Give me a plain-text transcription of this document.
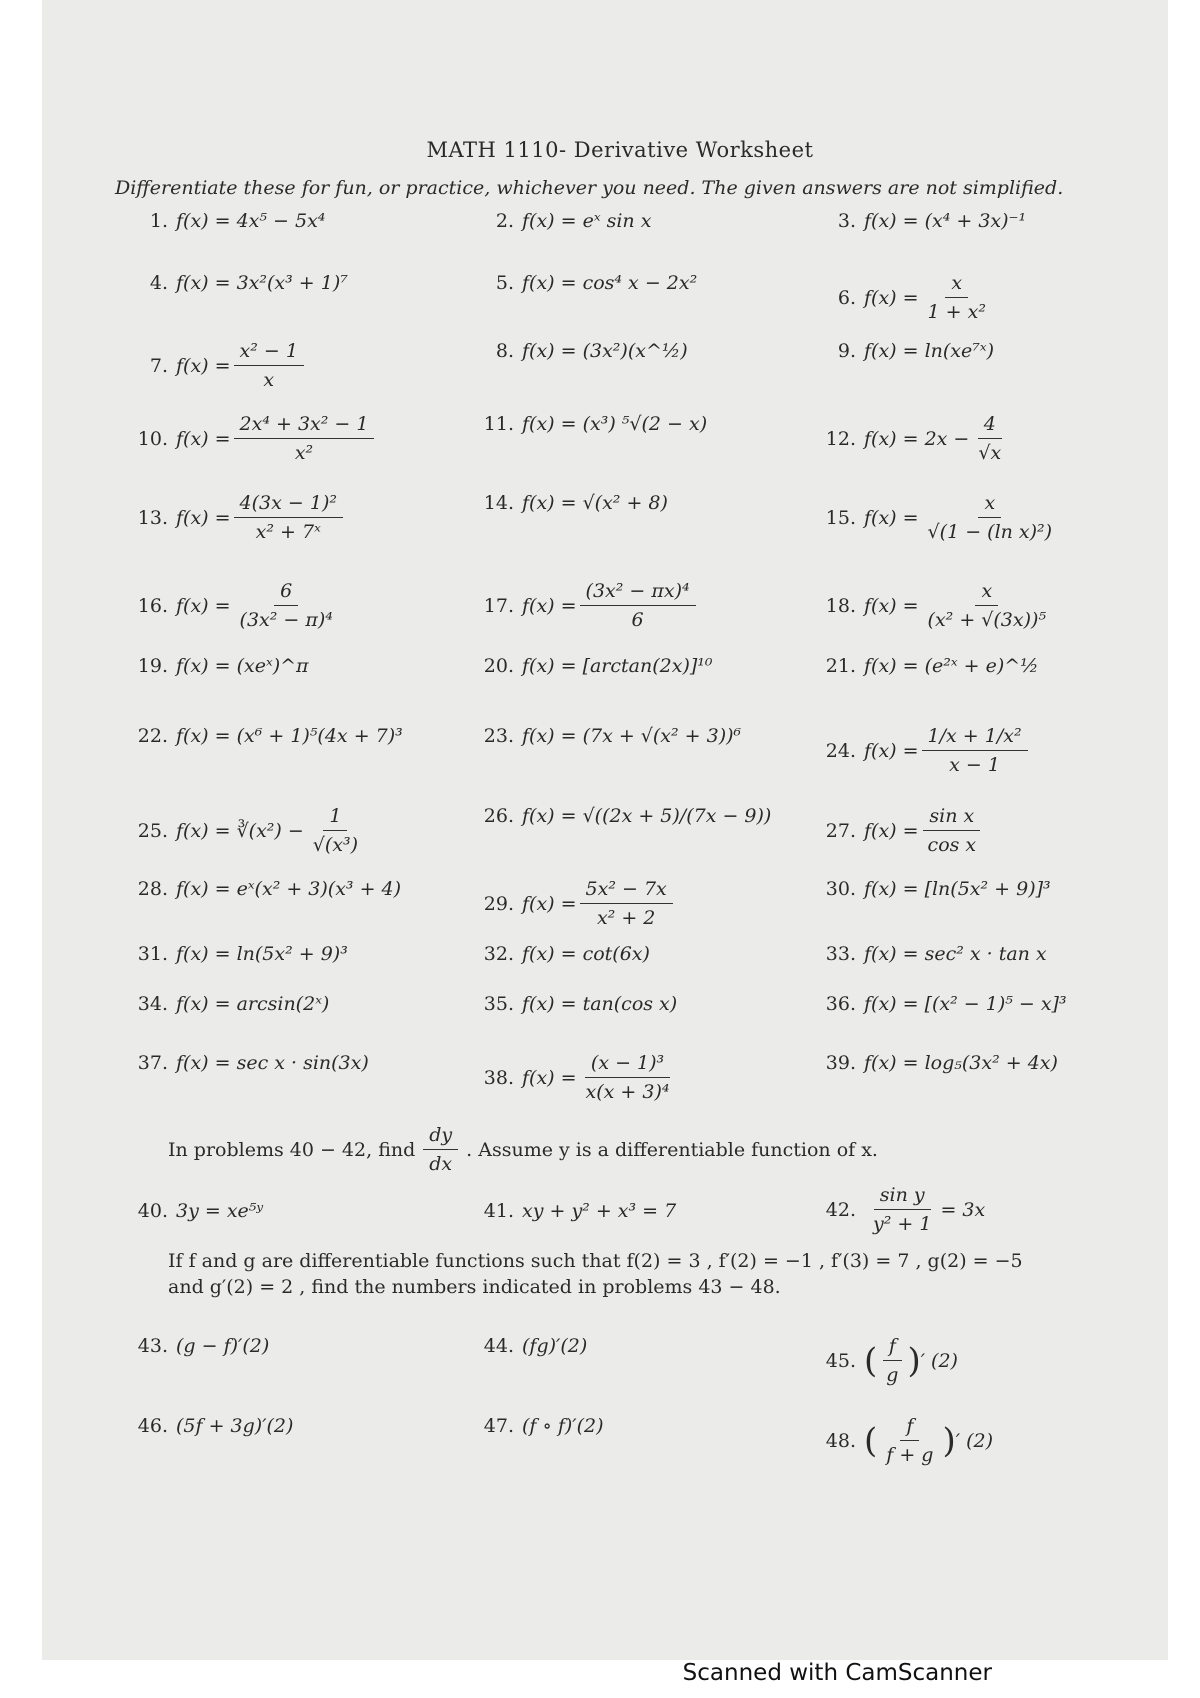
Scanned with CamScanner
MATH 1110- Derivative Worksheet
Differentiate these for fun, or practice, whichever you need. The given answers are not simplified.
1. f(x) = 4x⁵ − 5x⁴	2. f(x) = eˣ sin x	3. f(x) = (x⁴ + 3x)⁻¹
4. f(x) = 3x²(x³ + 1)⁷	5. f(x) = cos⁴ x − 2x²
6. $f(x) = \frac{x}{\text{1 + x²}}$
7. $f(x) = \frac{\text{x² − 1}}{x}$	8. f(x) = (3x²)(x^½)	9. f(x) = ln(xe⁷ˣ)
10. $f(x) = \frac{\text{2x⁴ + 3x² − 1}}{\text{x²}}$	11. f(x) = (x³) ⁵√(2 − x)
12. $f(x) = 2x - \frac{4}{√x}$
13. $f(x) = \frac{\text{4(3x − 1)²}}{\text{x² + 7ˣ}}$	14. f(x) = √(x² + 8)
15. $f(x) = \frac{x}{\text{√(1 − (ln x)²)}}$
16. $f(x) = \frac{6}{\text{(3x² − π)⁴}}$	17. $f(x) = \frac{\text{(3x² − πx)⁴}}{6}$	18. $f(x) = \frac{x}{\text{(x² + √(3x))⁵}}$
19. f(x) = (xeˣ)^π	20. f(x) = [arctan(2x)]¹⁰	21. f(x) = (e²ˣ + e)^½
22. f(x) = (x⁶ + 1)⁵(4x + 7)³	23. f(x) = (7x + √(x² + 3))⁶
24. $f(x) = \frac{\text{1/x + 1/x²}}{x - 1}$
25. f(x) = ∛(x²) − $\frac{1}{\text{√(x³)}}$	26. f(x) = √((2x + 5)/(7x − 9))
27. $f(x) = \frac{\text{sin x}}{\text{cos x}}$
28. f(x) = eˣ(x² + 3)(x³ + 4)
29. $f(x) = \frac{\text{5x² − 7x}}{\text{x² + 2}}$	30. f(x) = [ln(5x² + 9)]³
31. f(x) = ln(5x² + 9)³	32. f(x) = cot(6x)	33. f(x) = sec² x · tan x
34. f(x) = arcsin(2ˣ)	35. f(x) = tan(cos x)	36. f(x) = [(x² − 1)⁵ − x]³
37. f(x) = sec x · sin(3x)
38. $f(x) = \frac{\text{(x − 1)³}}{\text{x(x + 3)⁴}}$	39. f(x) = log₅(3x² + 4x)
In problems 40 − 42, find $\frac{dy}{dx}$ . Assume y is a differentiable function of x.
40. 3y = xe⁵ʸ	41. xy + y² + x³ = 7	42. $\frac{\text{sin y}}{\text{y² + 1}} = 3x$
If f and g are differentiable functions such that f(2) = 3 , f′(2) = −1 , f′(3) = 7 , g(2) = −5
and g′(2) = 2 , find the numbers indicated in problems 43 − 48.
43. (g − f)′(2)	44. (fg)′(2)
45. ( $\frac{f}{g}$ ) ′ (2)
46. (5f + 3g)′(2)	47. (f ∘ f)′(2)
48. ( $\frac{f}{f + g}$ ) ′ (2)
